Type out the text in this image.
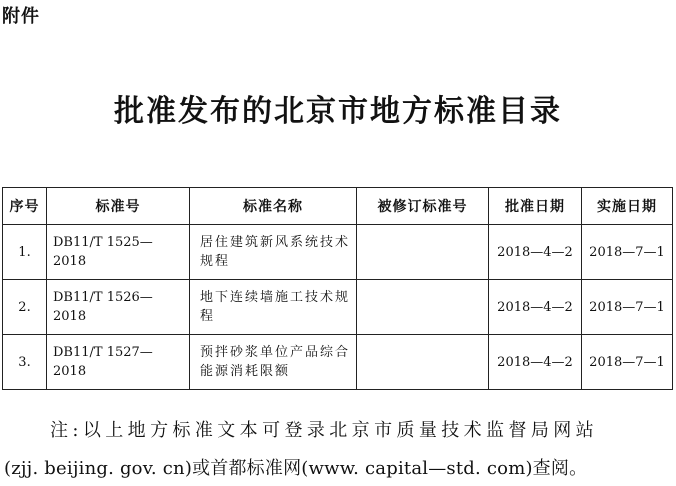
附件
批准发布的北京市地方标准目录
序号	标准号	标准名称	被修订标准号	批准日期	实施日期
1.	DB11/T 1525—2018	居住建筑新风系统技术规程		2018—4—2	2018—7—1
2.	DB11/T 1526—2018	地下连续墙施工技术规程		2018—4—2	2018—7—1
3.	DB11/T 1527—2018	预拌砂浆单位产品综合能源消耗限额		2018—4—2	2018—7—1
注:以上地方标准文本可登录北京市质量技术监督局网站
(zjj. beijing. gov. cn)或首都标准网(www. capital—std. com)查阅。
